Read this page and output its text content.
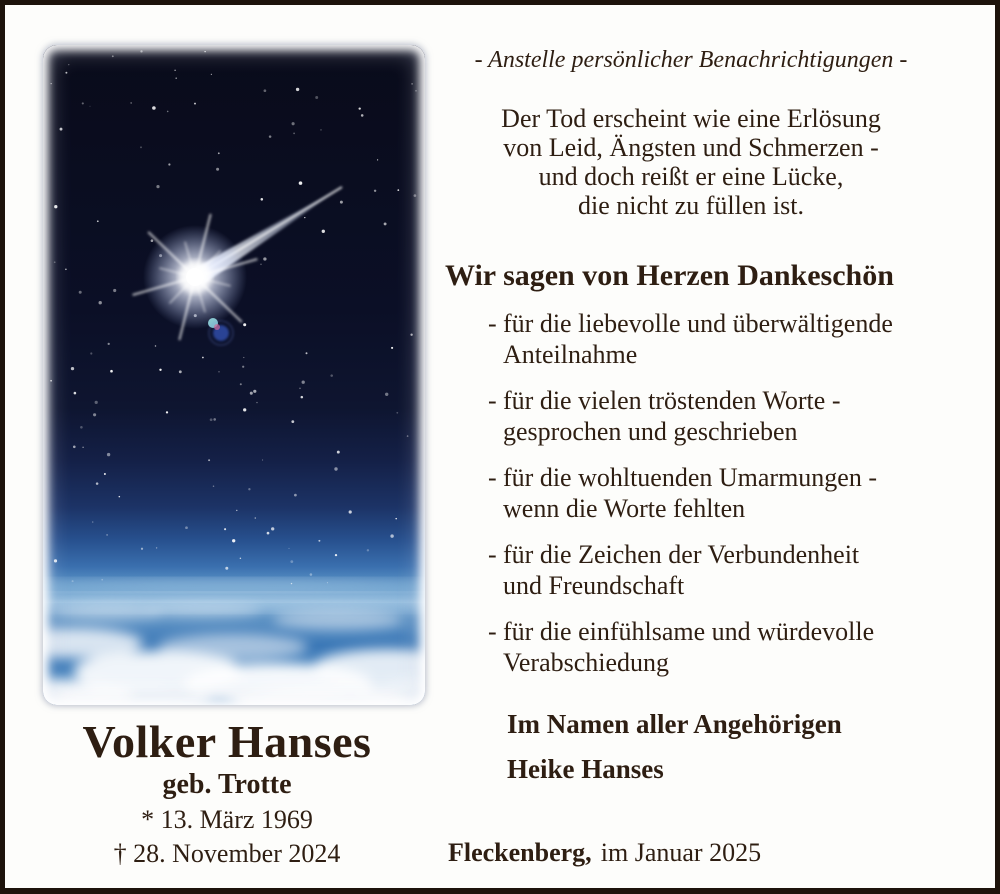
Volker Hanses
geb. Trotte
* 13. März 1969
† 28. November 2024
- Anstelle persönlicher Benachrichtigungen -
Der Tod erscheint wie eine Erlösung
von Leid, Ängsten und Schmerzen -
und doch reißt er eine Lücke,
die nicht zu füllen ist.
Wir sagen von Herzen Dankeschön
- für die liebevolle und überwältigende
Anteilnahme
- für die vielen tröstenden Worte -
gesprochen und geschrieben
- für die wohltuenden Umarmungen -
wenn die Worte fehlten
- für die Zeichen der Verbundenheit
und Freundschaft
- für die einfühlsame und würdevolle
Verabschiedung
Im Namen aller Angehörigen
Heike Hanses
Fleckenberg, im Januar 2025
